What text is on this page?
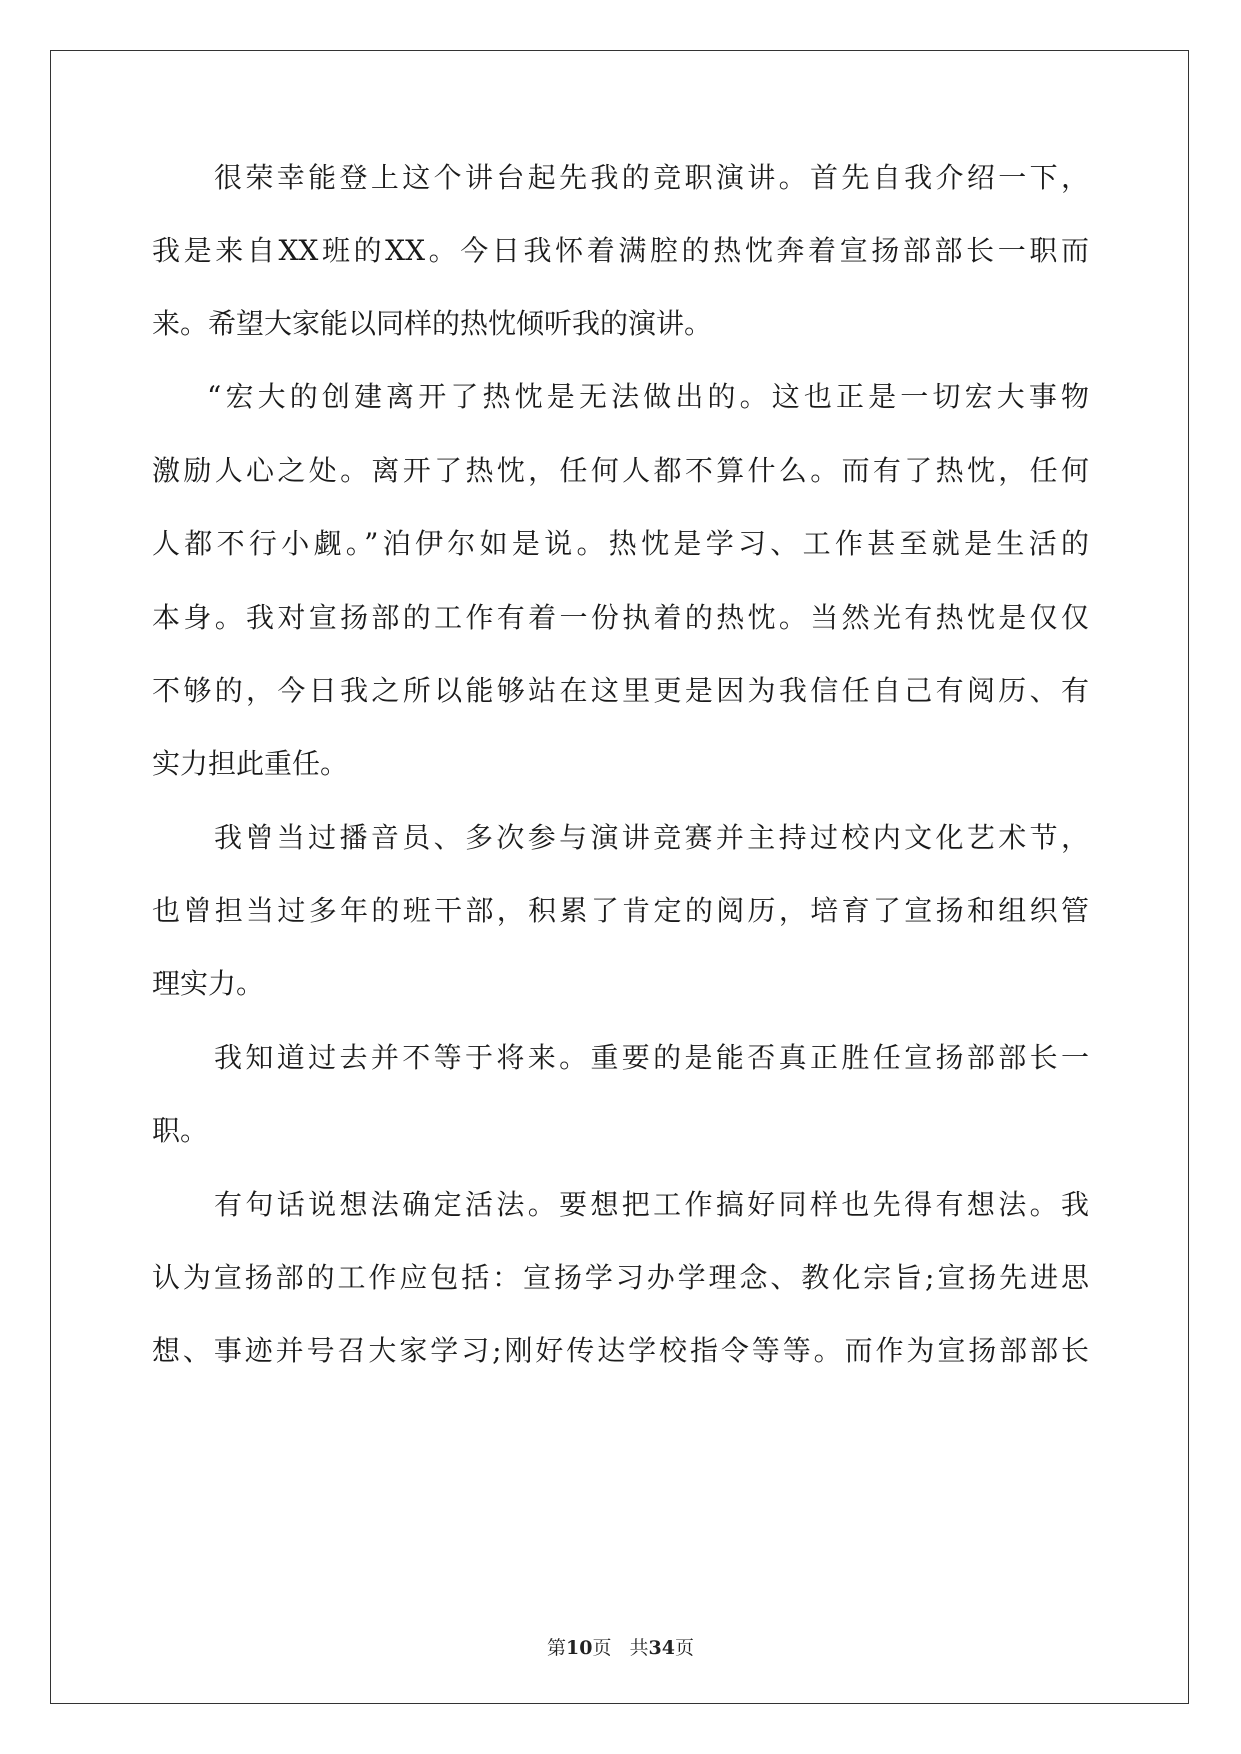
很荣幸能登上这个讲台起先我的竞职演讲。首先自我介绍一下，
我是来自XX班的XX。今日我怀着满腔的热忱奔着宣扬部部长一职而
来。希望大家能以同样的热忱倾听我的演讲。
“宏大的创建离开了热忱是无法做出的。这也正是一切宏大事物
激励人心之处。离开了热忱，任何人都不算什么。而有了热忱，任何
人都不行小觑。”泊伊尔如是说。热忱是学习、工作甚至就是生活的
本身。我对宣扬部的工作有着一份执着的热忱。当然光有热忱是仅仅
不够的，今日我之所以能够站在这里更是因为我信任自己有阅历、有
实力担此重任。
我曾当过播音员、多次参与演讲竞赛并主持过校内文化艺术节，
也曾担当过多年的班干部，积累了肯定的阅历，培育了宣扬和组织管
理实力。
我知道过去并不等于将来。重要的是能否真正胜任宣扬部部长一
职。
有句话说想法确定活法。要想把工作搞好同样也先得有想法。我
认为宣扬部的工作应包括：宣扬学习办学理念、教化宗旨;宣扬先进思
想、事迹并号召大家学习;刚好传达学校指令等等。而作为宣扬部部长
第10页 共34页
